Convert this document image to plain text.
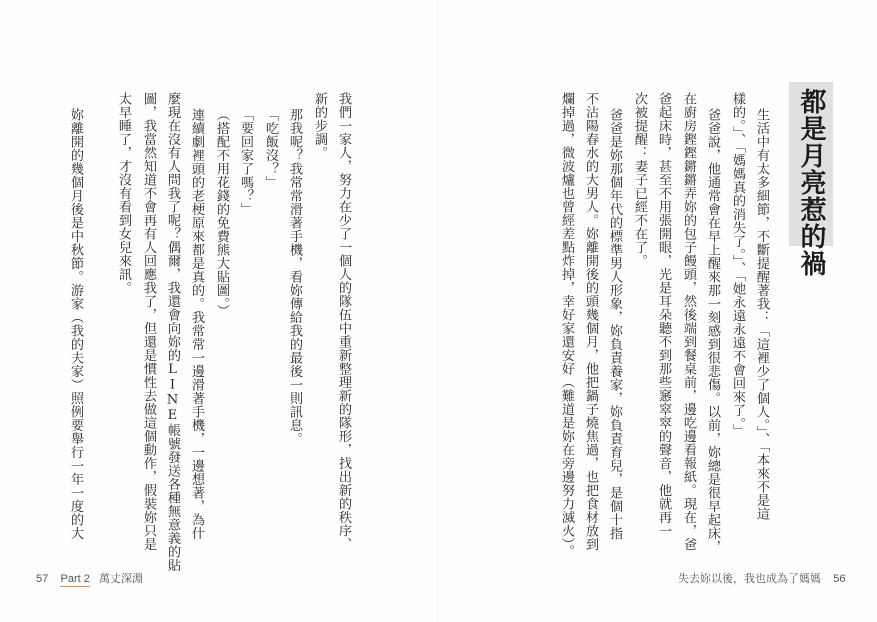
都是月亮惹的禍
生活中有太多細節，不斷提醒著我：「這裡少了個人。」、「本來不是這
樣的。」、「媽媽真的消失了。」、「她永遠永遠不會回來了。」
爸爸說，他通常會在早上醒來那一刻感到很悲傷。以前，妳總是很早起床，
在廚房鏗鏗鏘鏘弄妳的包子饅頭，然後端到餐桌前，邊吃邊看報紙。現在，爸
爸起床時，甚至不用張開眼，光是耳朵聽不到那些窸窣窣的聲音，他就再一
次被提醒：妻子已經不在了。
爸爸是妳那個年代的標準男人形象，妳負責養家，妳負責育兒，是個十指
不沾陽春水的大男人。妳離開後的頭幾個月，他把鍋子燒焦過，也把食材放到
爛掉過，微波爐也曾經差點炸掉，幸好家還安好（難道是妳在旁邊努力滅火）。
我們一家人，努力在少了一個人的隊伍中重新整理新的隊形，找出新的秩序、
新的步調。
那我呢？我常常滑著手機，看妳傳給我的最後一則訊息。
「吃飯沒？」
「要回家了嗎？」
（搭配不用花錢的免費熊大貼圖。）
連續劇裡頭的老梗原來都是真的。我常常一邊滑著手機，一邊想著，為什
麼現在沒有人問我了呢？偶爾，我還會向妳的LINE帳號發送各種無意義的貼
圖，我當然知道不會再有人回應我了，但還是慣性去做這個動作，假裝妳只是
太早睡了，才沒有看到女兒來訊。
妳離開的幾個月後是中秋節。游家（我的夫家）照例要舉行一年一度的大
57 Part 2 萬丈深淵	失去妳以後，我也成為了媽媽 56
